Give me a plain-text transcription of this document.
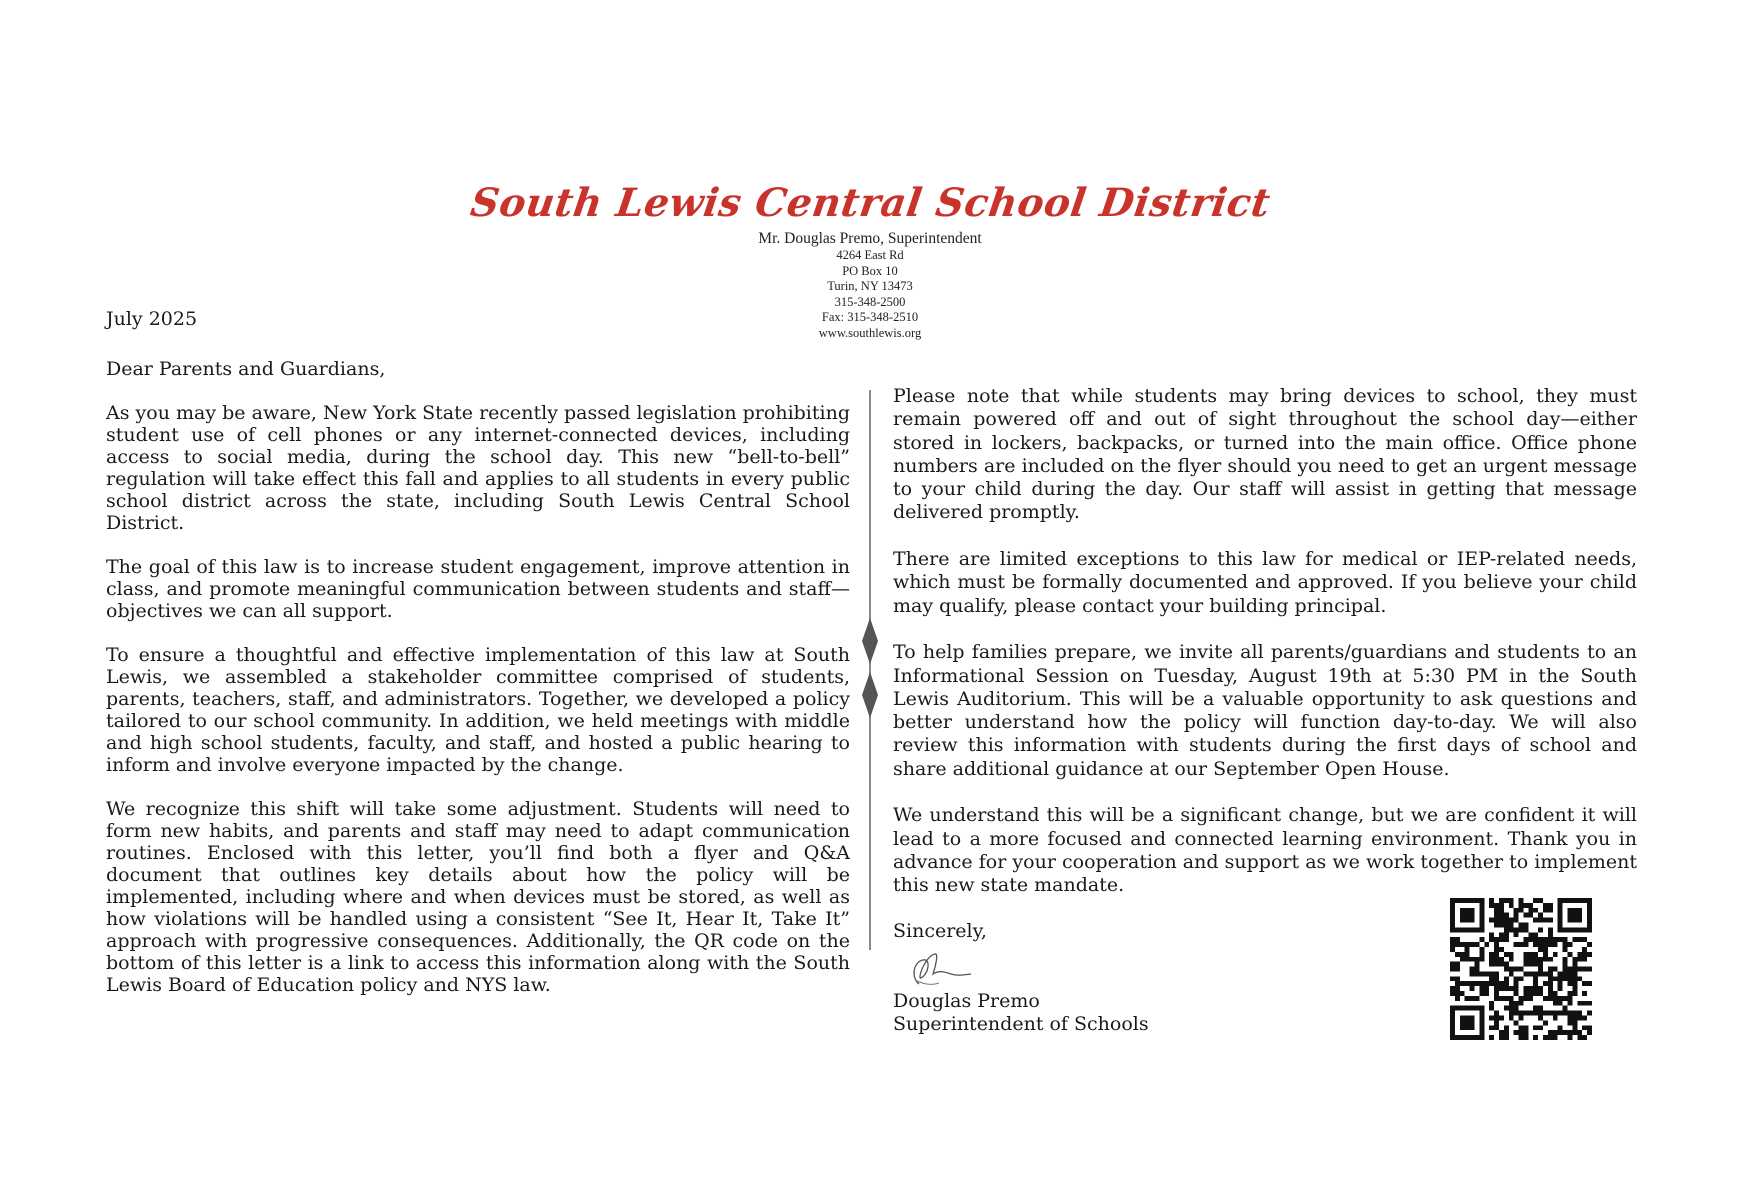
South Lewis Central School District
Mr. Douglas Premo, Superintendent
4264 East Rd
PO Box 10
Turin, NY 13473
315-348-2500
Fax: 315-348-2510
www.southlewis.org
July 2025

Dear Parents and Guardians,

As you may be aware, New York State recently passed legislation prohibiting student use of cell phones or any internet-connected devices, including access to social media, during the school day. This new “bell-to-bell” regulation will take effect this fall and applies to all students in every public school district across the state, including South Lewis Central School District.

The goal of this law is to increase student engagement, improve attention in class, and promote meaningful communication between students and staff—objectives we can all support.

To ensure a thoughtful and effective implementation of this law at South Lewis, we assembled a stakeholder committee comprised of students, parents, teachers, staff, and administrators. Together, we developed a policy tailored to our school community. In addition, we held meetings with middle and high school students, faculty, and staff, and hosted a public hearing to inform and involve everyone impacted by the change.

We recognize this shift will take some adjustment. Students will need to form new habits, and parents and staff may need to adapt communication routines. Enclosed with this letter, you’ll find both a flyer and Q&A document that outlines key details about how the policy will be implemented, including where and when devices must be stored, as well as how violations will be handled using a consistent “See It, Hear It, Take It” approach with progressive consequences. Additionally, the QR code on the bottom of this letter is a link to access this information along with the South Lewis Board of Education policy and NYS law.

Please note that while students may bring devices to school, they must remain powered off and out of sight throughout the school day—either stored in lockers, backpacks, or turned into the main office. Office phone numbers are included on the flyer should you need to get an urgent message to your child during the day. Our staff will assist in getting that message delivered promptly.

There are limited exceptions to this law for medical or IEP-related needs, which must be formally documented and approved. If you believe your child may qualify, please contact your building principal.

To help families prepare, we invite all parents/guardians and students to an Informational Session on Tuesday, August 19th at 5:30 PM in the South Lewis Auditorium. This will be a valuable opportunity to ask questions and better understand how the policy will function day-to-day. We will also review this information with students during the first days of school and share additional guidance at our September Open House.

We understand this will be a significant change, but we are confident it will lead to a more focused and connected learning environment. Thank you in advance for your cooperation and support as we work together to implement this new state mandate.

Sincerely,
Douglas Premo
Superintendent of Schools
